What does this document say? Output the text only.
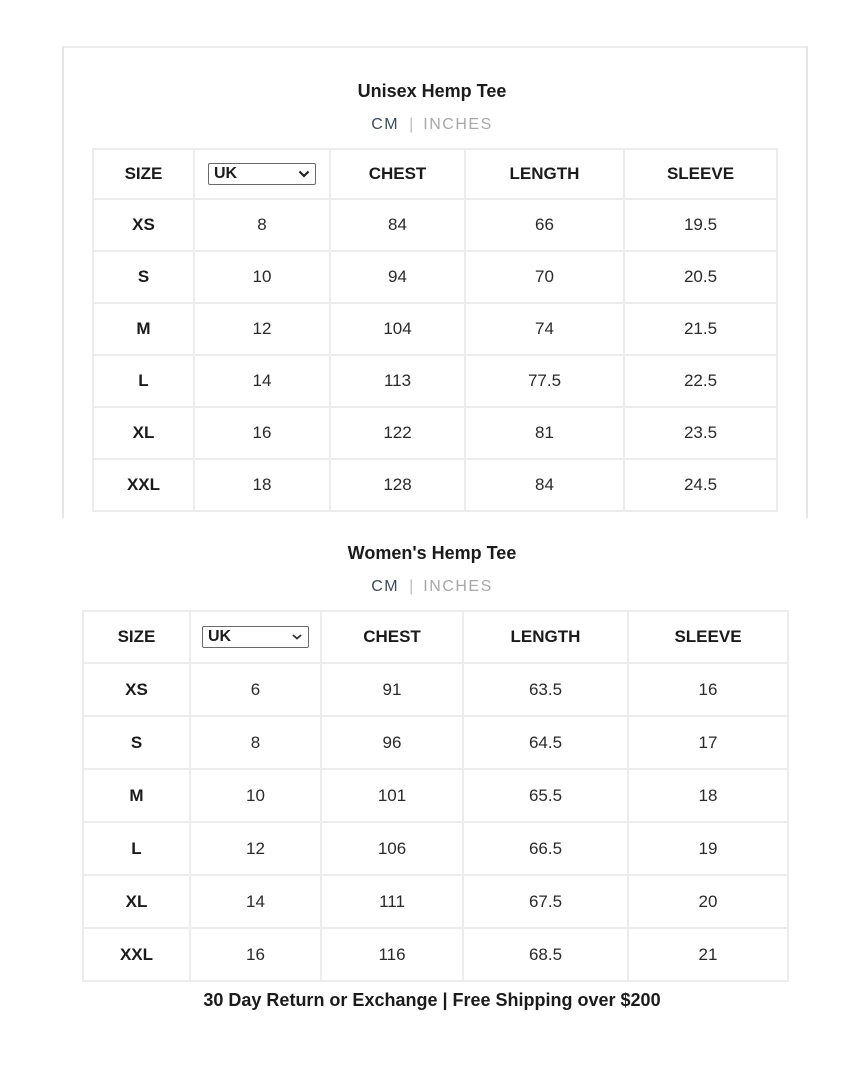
Unisex Hemp Tee
CM | INCHES
SIZE	UK	CHEST	LENGTH	SLEEVE
XS	8	84	66	19.5
S	10	94	70	20.5
M	12	104	74	21.5
L	14	113	77.5	22.5
XL	16	122	81	23.5
XXL	18	128	84	24.5
Women's Hemp Tee
CM | INCHES
SIZE	UK	CHEST	LENGTH	SLEEVE
XS	6	91	63.5	16
S	8	96	64.5	17
M	10	101	65.5	18
L	12	106	66.5	19
XL	14	111	67.5	20
XXL	16	116	68.5	21
30 Day Return or Exchange | Free Shipping over $200
